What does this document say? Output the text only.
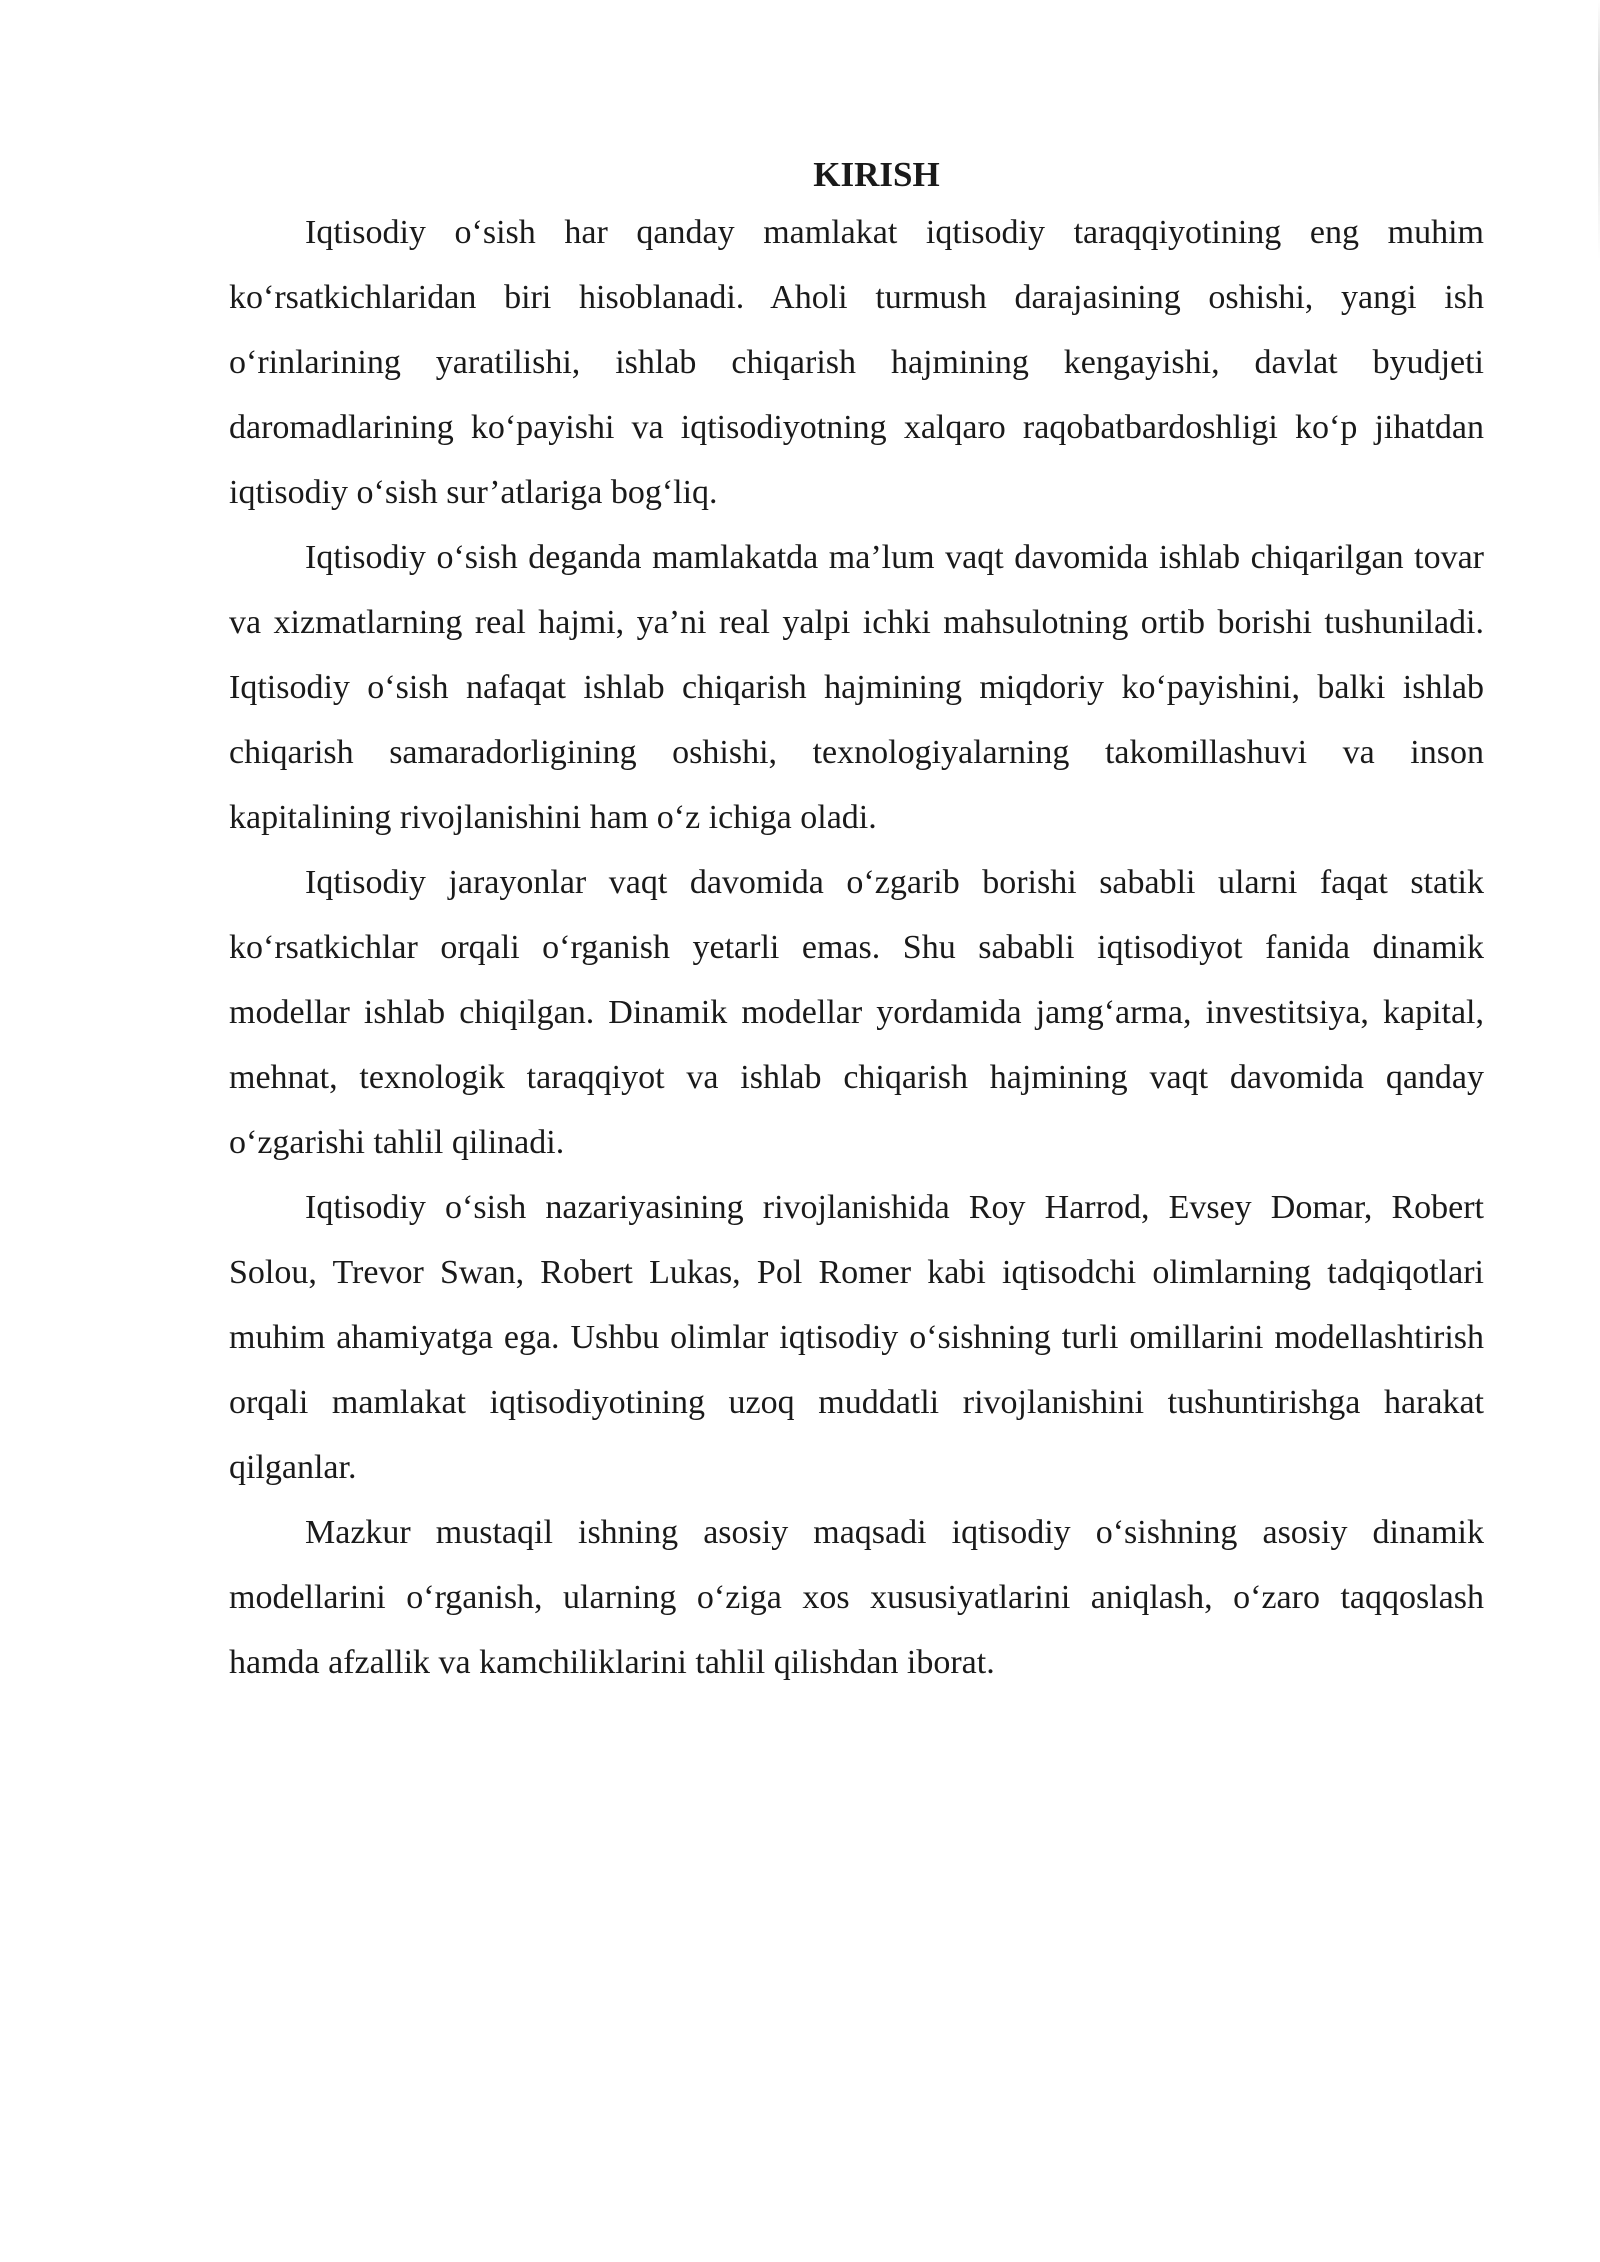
KIRISH

Iqtisodiy o‘sish har qanday mamlakat iqtisodiy taraqqiyotining eng muhim ko‘rsatkichlaridan biri hisoblanadi. Aholi turmush darajasining oshishi, yangi ish o‘rinlarining yaratilishi, ishlab chiqarish hajmining kengayishi, davlat byudjeti daromadlarining ko‘payishi va iqtisodiyotning xalqaro raqobatbardoshligi ko‘p jihatdan iqtisodiy o‘sish sur’atlariga bog‘liq.

Iqtisodiy o‘sish deganda mamlakatda ma’lum vaqt davomida ishlab chiqarilgan tovar va xizmatlarning real hajmi, ya’ni real yalpi ichki mahsulotning ortib borishi tushuniladi. Iqtisodiy o‘sish nafaqat ishlab chiqarish hajmining miqdoriy ko‘payishini, balki ishlab chiqarish samaradorligining oshishi, texnologiyalarning takomillashuvi va inson kapitalining rivojlanishini ham o‘z ichiga oladi.

Iqtisodiy jarayonlar vaqt davomida o‘zgarib borishi sababli ularni faqat statik ko‘rsatkichlar orqali o‘rganish yetarli emas. Shu sababli iqtisodiyot fanida dinamik modellar ishlab chiqilgan. Dinamik modellar yordamida jamg‘arma, investitsiya, kapital, mehnat, texnologik taraqqiyot va ishlab chiqarish hajmining vaqt davomida qanday o‘zgarishi tahlil qilinadi.

Iqtisodiy o‘sish nazariyasining rivojlanishida Roy Harrod, Evsey Domar, Robert Solou, Trevor Swan, Robert Lukas, Pol Romer kabi iqtisodchi olimlarning tadqiqotlari muhim ahamiyatga ega. Ushbu olimlar iqtisodiy o‘sishning turli omillarini modellashtirish orqali mamlakat iqtisodiyotining uzoq muddatli rivojlanishini tushuntirishga harakat qilganlar.

Mazkur mustaqil ishning asosiy maqsadi iqtisodiy o‘sishning asosiy dinamik modellarini o‘rganish, ularning o‘ziga xos xususiyatlarini aniqlash, o‘zaro taqqoslash hamda afzallik va kamchiliklarini tahlil qilishdan iborat.
